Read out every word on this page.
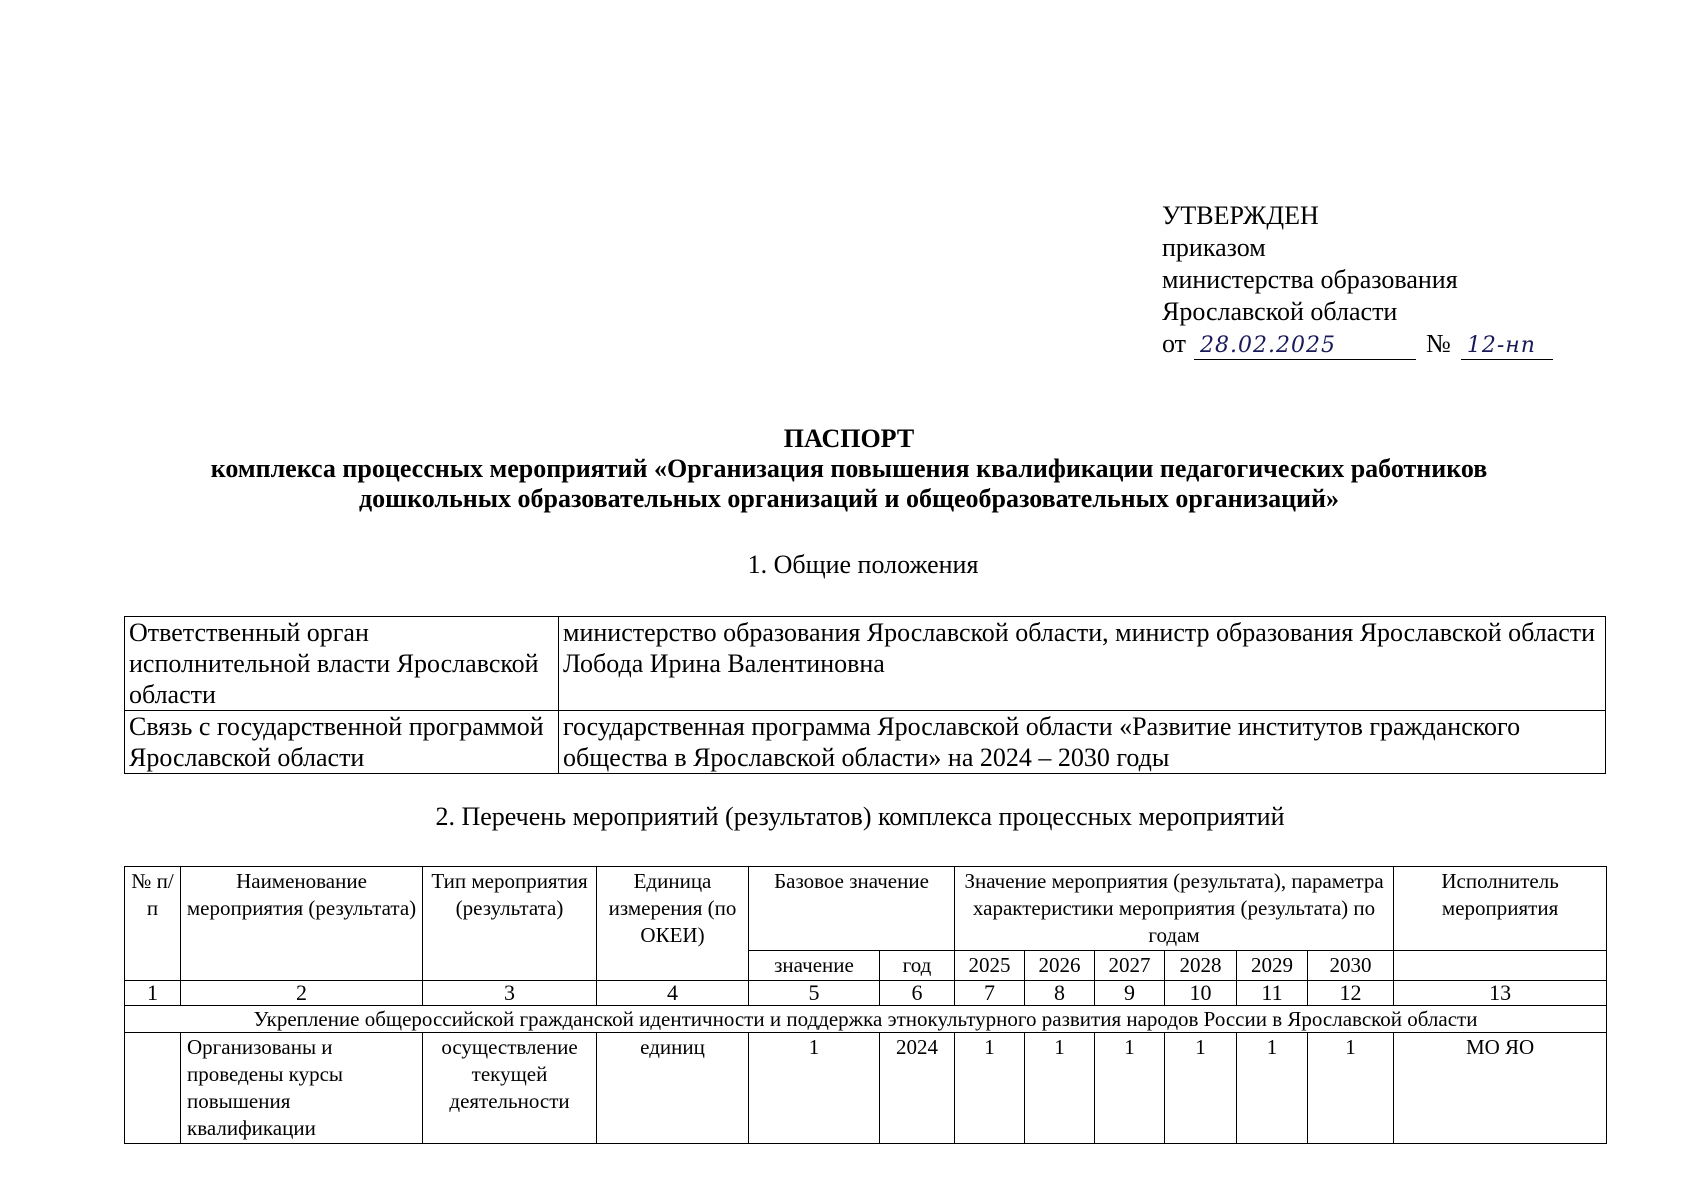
УТВЕРЖДЕН
приказом
министерства образования
Ярославской области
от 28.02.2025	№ 12-нп
ПАСПОРТ
комплекса процессных мероприятий «Организация повышения квалификации педагогических работников
дошкольных образовательных организаций и общеобразовательных организаций»
1. Общие положения
Ответственный орган исполнительной власти Ярославской области	министерство образования Ярославской области, министр образования Ярославской области Лобода Ирина Валентиновна
Связь с государственной программой Ярославской области	государственная программа Ярославской области «Развитие институтов гражданского общества в Ярославской области» на 2024 – 2030 годы
2. Перечень мероприятий (результатов) комплекса процессных мероприятий
№ п/п	Наименование мероприятия (результата)	Тип мероприятия (результата)	Единица измерения (по ОКЕИ)	Базовое значение		Значение мероприятия (результата), параметра характеристики мероприятия (результата) по годам						Исполнитель мероприятия
				значение	год	2025	2026	2027	2028	2029	2030	
1	2	3	4	5	6	7	8	9	10	11	12	13
Укрепление общероссийской гражданской идентичности и поддержка этнокультурного развития народов России в Ярославской области												
	Организованы и проведены курсы повышения квалификации	осуществление текущей деятельности	единиц	1	2024	1	1	1	1	1	1	МО ЯО
